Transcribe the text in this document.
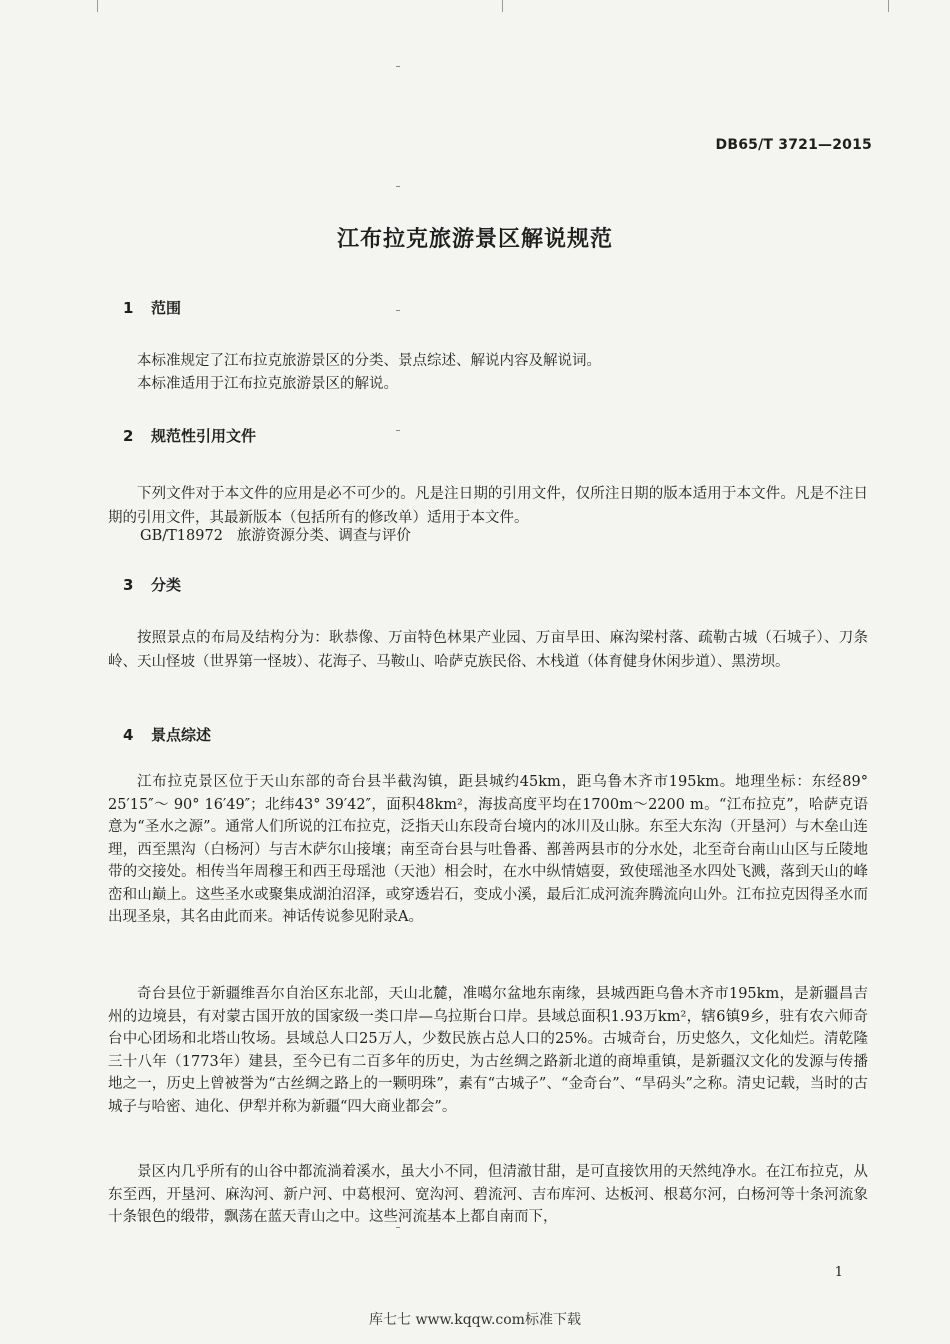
DB65/T 3721—2015
江布拉克旅游景区解说规范
1 范围
本标准规定了江布拉克旅游景区的分类、景点综述、解说内容及解说词。
本标准适用于江布拉克旅游景区的解说。
2 规范性引用文件
下列文件对于本文件的应用是必不可少的。凡是注日期的引用文件，仅所注日期的版本适用于本文件。凡是不注日期的引用文件，其最新版本（包括所有的修改单）适用于本文件。
GB/T18972 旅游资源分类、调查与评价
3 分类
按照景点的布局及结构分为：耿恭像、万亩特色林果产业园、万亩旱田、麻沟梁村落、疏勒古城（石城子）、刀条岭、天山怪坡（世界第一怪坡）、花海子、马鞍山、哈萨克族民俗、木栈道（体育健身休闲步道）、黑涝坝。
4 景点综述
江布拉克景区位于天山东部的奇台县半截沟镇，距县城约45km，距乌鲁木齐市195km。地理坐标：东经89° 25′15″～ 90° 16′49″；北纬43° 39′42″，面积48km²，海拔高度平均在1700m～2200 m。“江布拉克”，哈萨克语意为“圣水之源”。通常人们所说的江布拉克，泛指天山东段奇台境内的冰川及山脉。东至大东沟（开垦河）与木垒山连理，西至黑沟（白杨河）与吉木萨尔山接壤；南至奇台县与吐鲁番、鄯善两县市的分水处，北至奇台南山山区与丘陵地带的交接处。相传当年周穆王和西王母瑶池（天池）相会时，在水中纵情嬉耍，致使瑶池圣水四处飞溅，落到天山的峰峦和山巅上。这些圣水或聚集成湖泊沼泽，或穿透岩石，变成小溪，最后汇成河流奔腾流向山外。江布拉克因得圣水而出现圣泉，其名由此而来。神话传说参见附录A。
奇台县位于新疆维吾尔自治区东北部，天山北麓，准噶尔盆地东南缘，县城西距乌鲁木齐市195km，是新疆昌吉州的边境县，有对蒙古国开放的国家级一类口岸—乌拉斯台口岸。县域总面积1.93万km²，辖6镇9乡，驻有农六师奇台中心团场和北塔山牧场。县域总人口25万人，少数民族占总人口的25%。古城奇台，历史悠久，文化灿烂。清乾隆三十八年（1773年）建县，至今已有二百多年的历史，为古丝绸之路新北道的商埠重镇，是新疆汉文化的发源与传播地之一，历史上曾被誉为“古丝绸之路上的一颗明珠”，素有“古城子”、“金奇台”、“旱码头”之称。清史记载，当时的古城子与哈密、迪化、伊犁并称为新疆“四大商业都会”。
景区内几乎所有的山谷中都流淌着溪水，虽大小不同，但清澈甘甜，是可直接饮用的天然纯净水。在江布拉克，从东至西，开垦河、麻沟河、新户河、中葛根河、宽沟河、碧流河、吉布库河、达板河、根葛尔河，白杨河等十条河流象十条银色的缎带，飘荡在蓝天青山之中。这些河流基本上都自南而下，
1
库七七 www.kqqw.com标准下载
